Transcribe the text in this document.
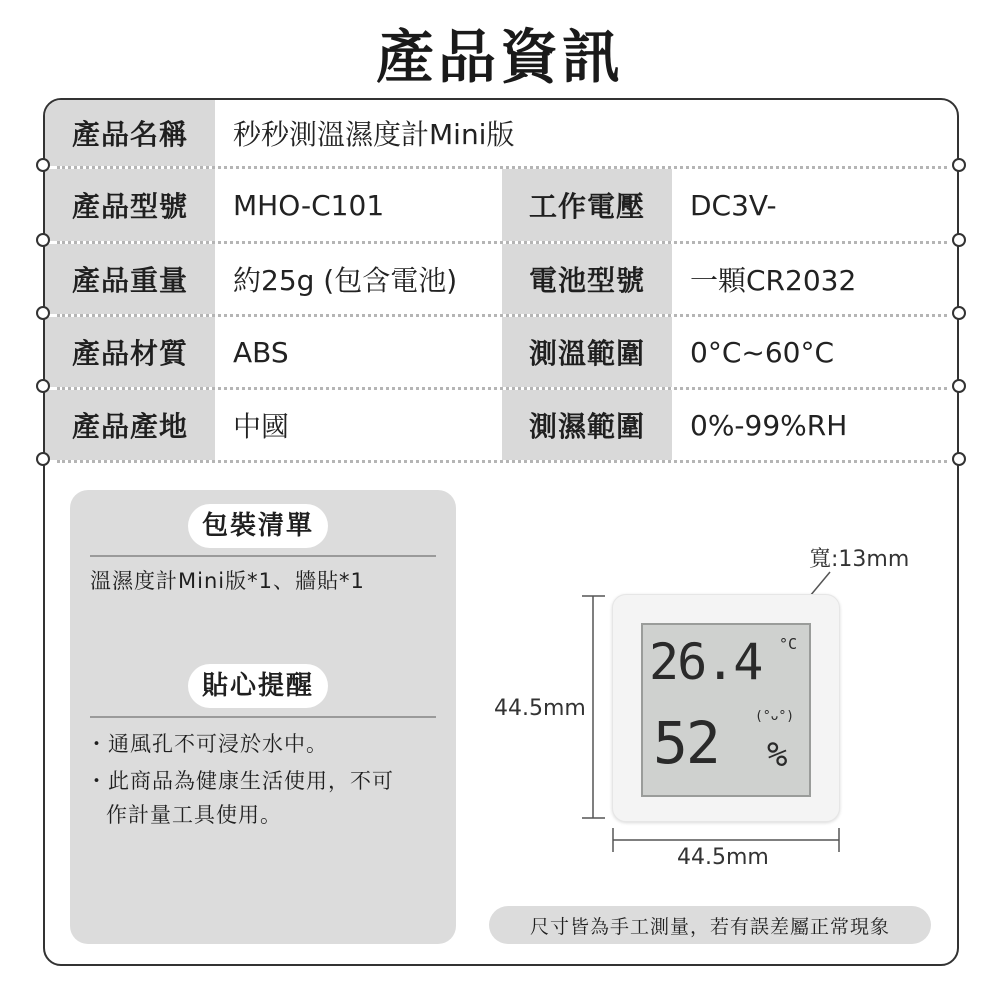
產品資訊
產品名稱	秒秒測溫濕度計Mini版
產品型號	MHO-C101	工作電壓	DC3V-
產品重量	約25g (包含電池)	電池型號	一顆CR2032
產品材質	ABS	測溫範圍	0°C~60°C
產品產地	中國	測濕範圍	0%-99%RH
包裝清單
溫濕度計Mini版*1、牆貼*1
貼心提醒
・通風孔不可浸於水中。
・此商品為健康生活使用，不可
作計量工具使用。
寬:13mm
44.5mm
44.5mm
26.4 °C
52	(°ᴗ°)
%
尺寸皆為手工測量，若有誤差屬正常現象
